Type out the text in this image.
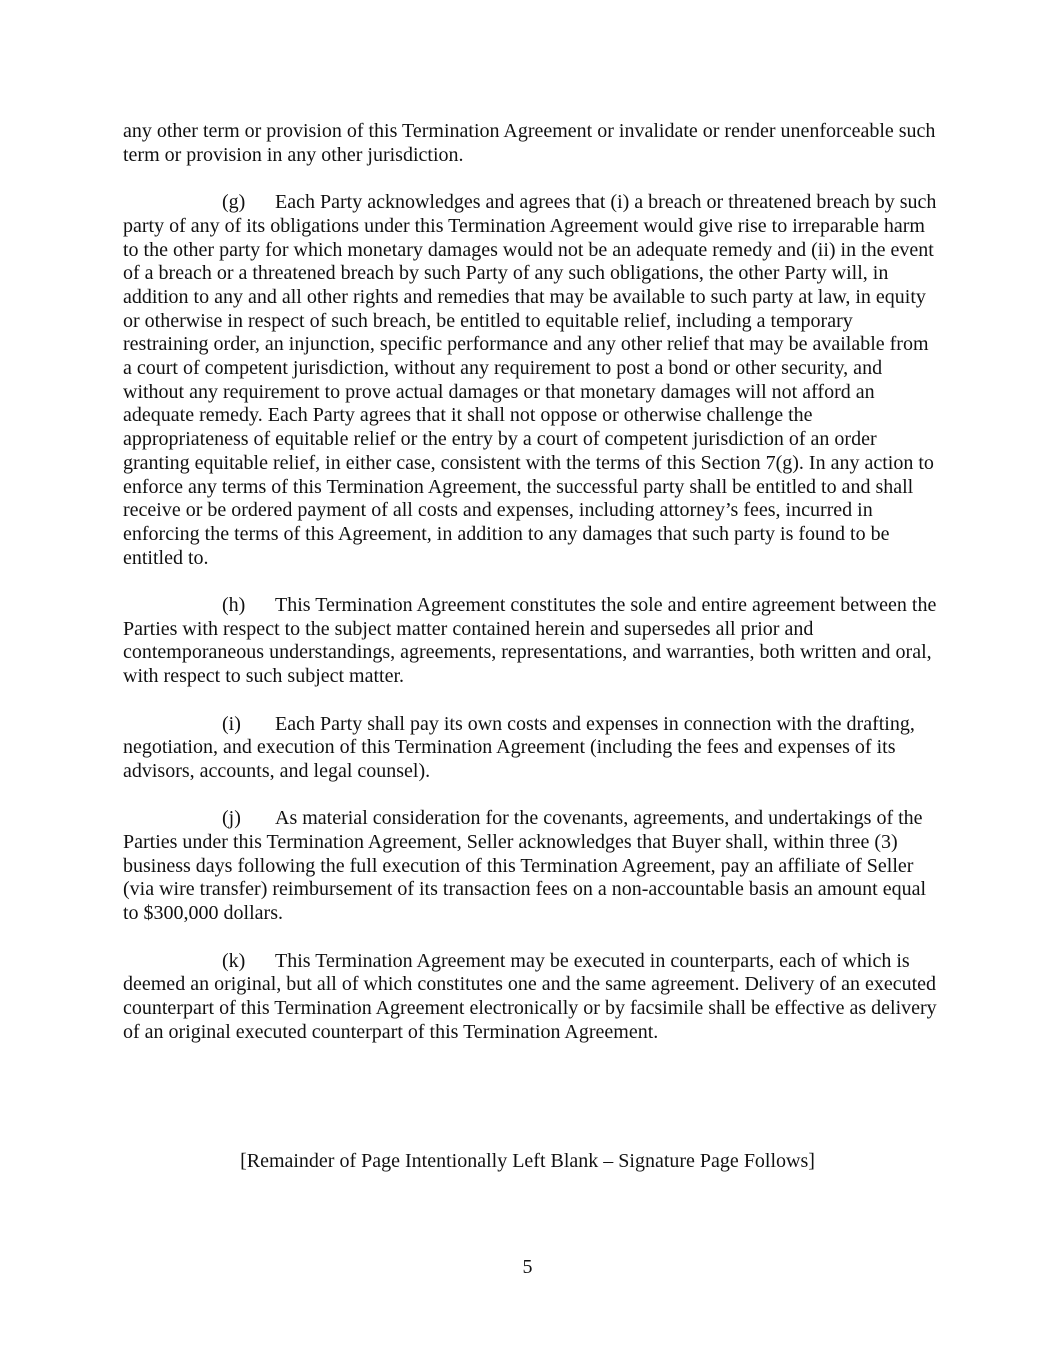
any other term or provision of this Termination Agreement or invalidate or render unenforceable such term or provision in any other jurisdiction.

(g) Each Party acknowledges and agrees that (i) a breach or threatened breach by such party of any of its obligations under this Termination Agreement would give rise to irreparable harm to the other party for which monetary damages would not be an adequate remedy and (ii) in the event of a breach or a threatened breach by such Party of any such obligations, the other Party will, in addition to any and all other rights and remedies that may be available to such party at law, in equity or otherwise in respect of such breach, be entitled to equitable relief, including a temporary restraining order, an injunction, specific performance and any other relief that may be available from a court of competent jurisdiction, without any requirement to post a bond or other security, and without any requirement to prove actual damages or that monetary damages will not afford an adequate remedy. Each Party agrees that it shall not oppose or otherwise challenge the appropriateness of equitable relief or the entry by a court of competent jurisdiction of an order granting equitable relief, in either case, consistent with the terms of this Section 7(g). In any action to enforce any terms of this Termination Agreement, the successful party shall be entitled to and shall receive or be ordered payment of all costs and expenses, including attorney’s fees, incurred in enforcing the terms of this Agreement, in addition to any damages that such party is found to be entitled to.

(h) This Termination Agreement constitutes the sole and entire agreement between the Parties with respect to the subject matter contained herein and supersedes all prior and contemporaneous understandings, agreements, representations, and warranties, both written and oral, with respect to such subject matter.

(i) Each Party shall pay its own costs and expenses in connection with the drafting, negotiation, and execution of this Termination Agreement (including the fees and expenses of its advisors, accounts, and legal counsel).

(j) As material consideration for the covenants, agreements, and undertakings of the Parties under this Termination Agreement, Seller acknowledges that Buyer shall, within three (3) business days following the full execution of this Termination Agreement, pay an affiliate of Seller (via wire transfer) reimbursement of its transaction fees on a non-accountable basis an amount equal to $300,000 dollars.

(k) This Termination Agreement may be executed in counterparts, each of which is deemed an original, but all of which constitutes one and the same agreement. Delivery of an executed counterpart of this Termination Agreement electronically or by facsimile shall be effective as delivery of an original executed counterpart of this Termination Agreement.

[Remainder of Page Intentionally Left Blank – Signature Page Follows]
5
